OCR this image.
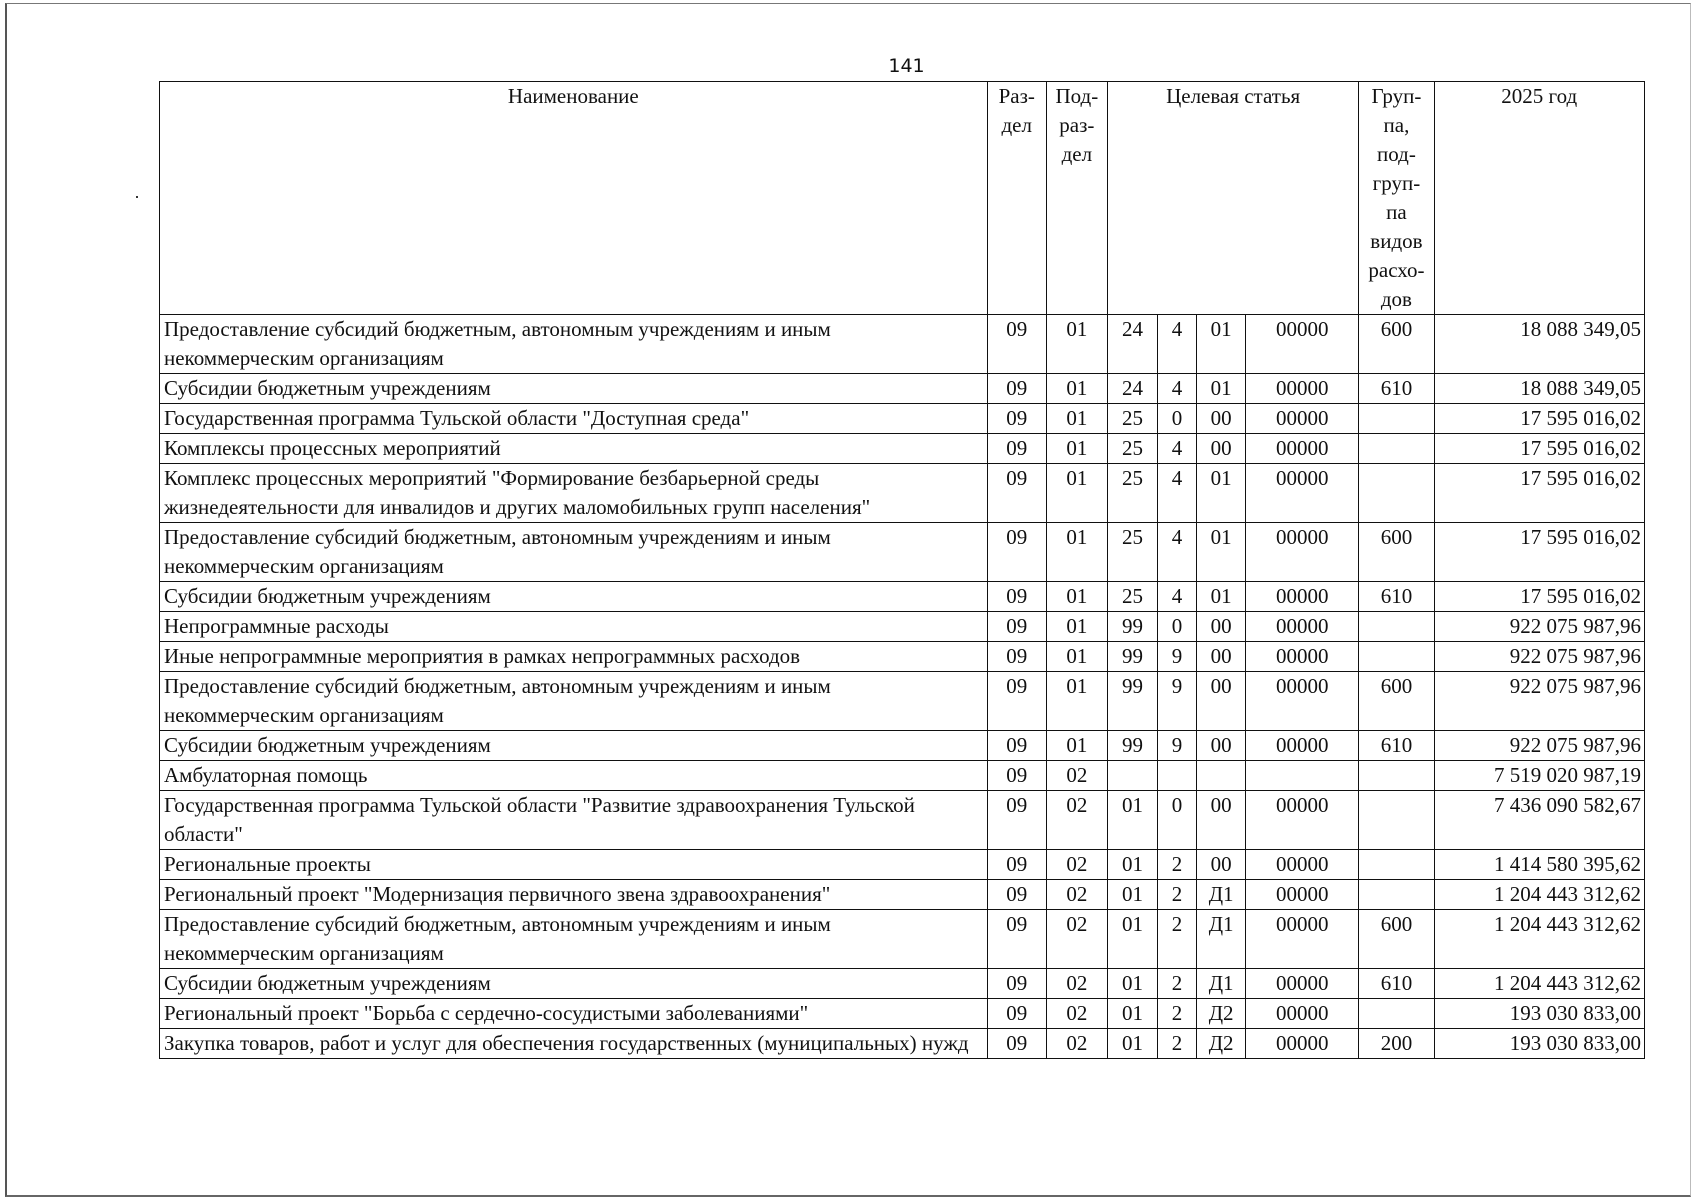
141
Наименование	Раз-дел	Под-раз-дел	Целевая статья				Груп-па, под-груп-па видов расхо-дов	2025 год
Предоставление субсидий бюджетным, автономным учреждениям и иным некоммерческим организациям	09	01	24	4	01	00000	600	18 088 349,05
Субсидии бюджетным учреждениям	09	01	24	4	01	00000	610	18 088 349,05
Государственная программа Тульской области "Доступная среда"	09	01	25	0	00	00000		17 595 016,02
Комплексы процессных мероприятий	09	01	25	4	00	00000		17 595 016,02
Комплекс процессных мероприятий "Формирование безбарьерной среды жизнедеятельности для инвалидов и других маломобильных групп населения"	09	01	25	4	01	00000		17 595 016,02
Предоставление субсидий бюджетным, автономным учреждениям и иным некоммерческим организациям	09	01	25	4	01	00000	600	17 595 016,02
Субсидии бюджетным учреждениям	09	01	25	4	01	00000	610	17 595 016,02
Непрограммные расходы	09	01	99	0	00	00000		922 075 987,96
Иные непрограммные мероприятия в рамках непрограммных расходов	09	01	99	9	00	00000		922 075 987,96
Предоставление субсидий бюджетным, автономным учреждениям и иным некоммерческим организациям	09	01	99	9	00	00000	600	922 075 987,96
Субсидии бюджетным учреждениям	09	01	99	9	00	00000	610	922 075 987,96
Амбулаторная помощь	09	02						7 519 020 987,19
Государственная программа Тульской области "Развитие здравоохранения Тульской области"	09	02	01	0	00	00000		7 436 090 582,67
Региональные проекты	09	02	01	2	00	00000		1 414 580 395,62
Региональный проект "Модернизация первичного звена здравоохранения"	09	02	01	2	Д1	00000		1 204 443 312,62
Предоставление субсидий бюджетным, автономным учреждениям и иным некоммерческим организациям	09	02	01	2	Д1	00000	600	1 204 443 312,62
Субсидии бюджетным учреждениям	09	02	01	2	Д1	00000	610	1 204 443 312,62
Региональный проект "Борьба с сердечно-сосудистыми заболеваниями"	09	02	01	2	Д2	00000		193 030 833,00
Закупка товаров, работ и услуг для обеспечения государственных (муниципальных) нужд	09	02	01	2	Д2	00000	200	193 030 833,00
